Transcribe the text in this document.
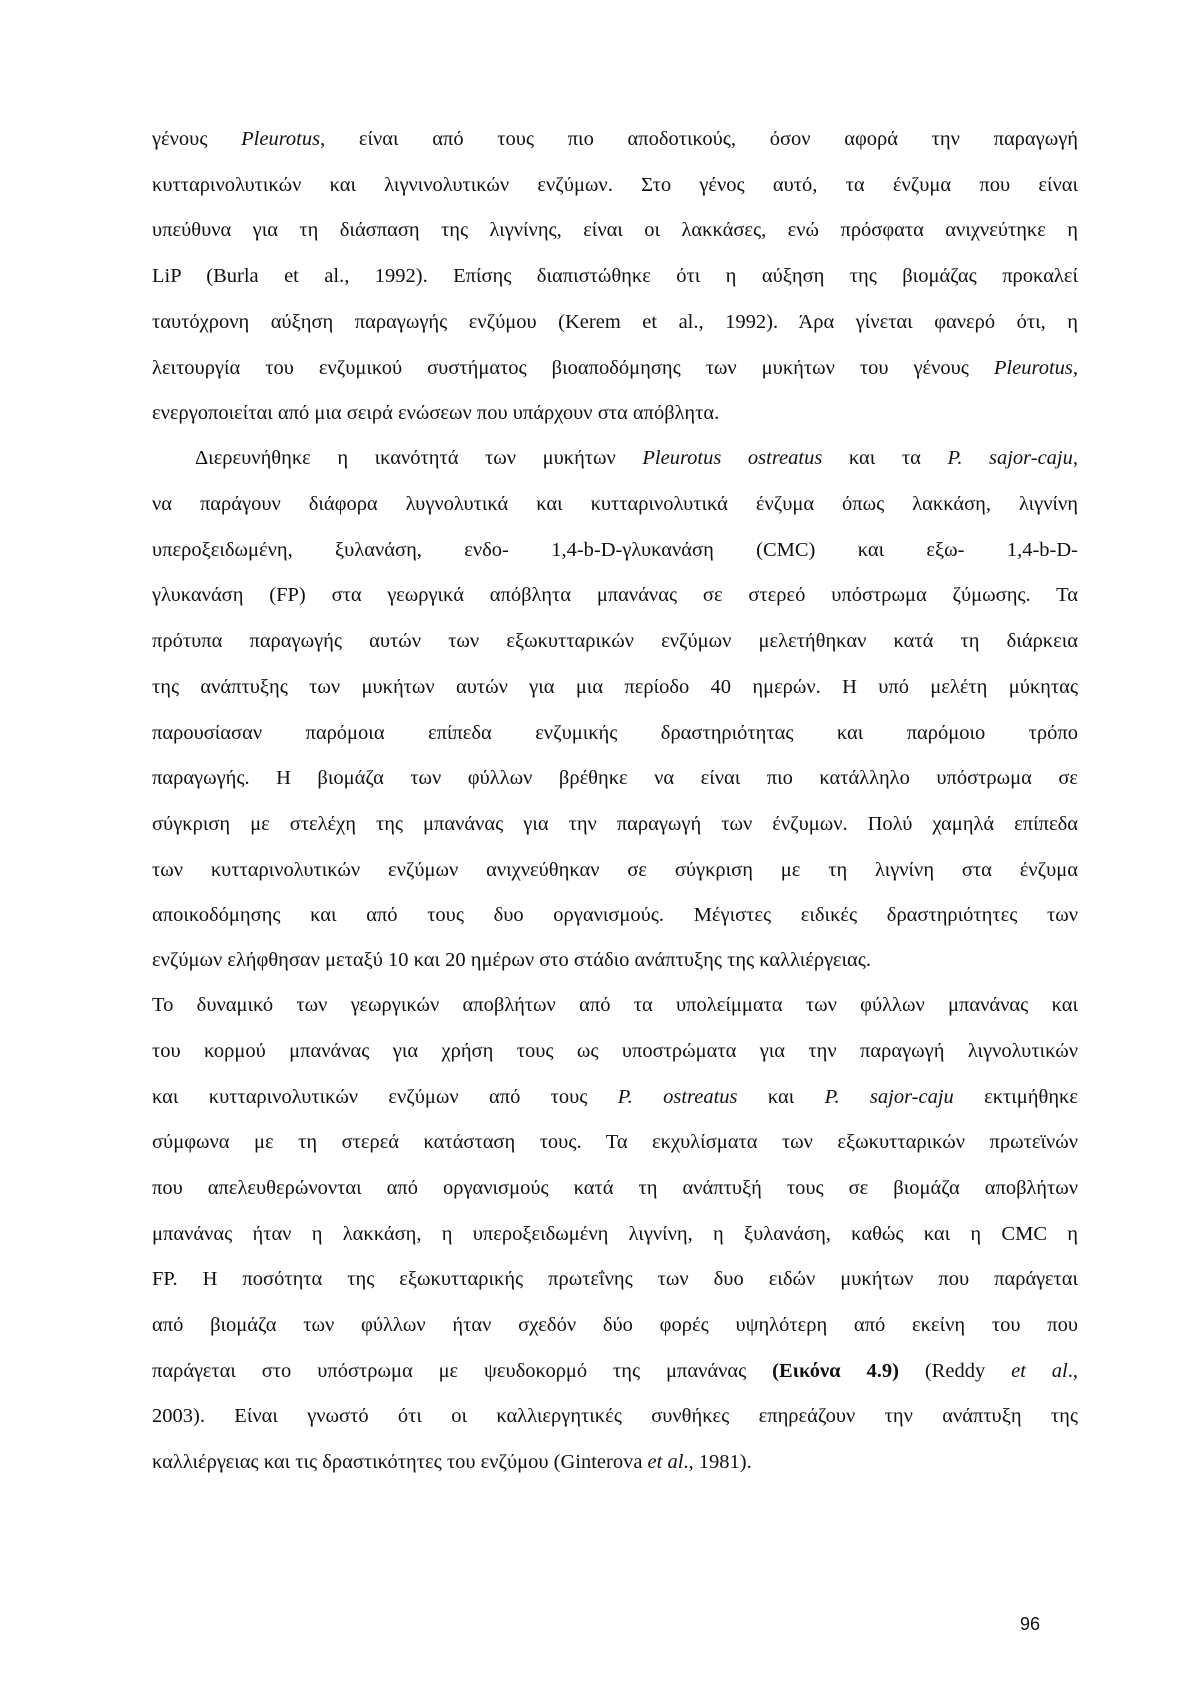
γένους Pleurotus, είναι από τους πιο αποδοτικούς, όσον αφορά την παραγωγή
κυτταρινολυτικών και λιγνινολυτικών ενζύμων. Στο γένος αυτό, τα ένζυμα που είναι
υπεύθυνα για τη διάσπαση της λιγνίνης, είναι οι λακκάσες, ενώ πρόσφατα ανιχνεύτηκε η
LiP (Burla et al., 1992). Επίσης διαπιστώθηκε ότι η αύξηση της βιομάζας προκαλεί
ταυτόχρονη αύξηση παραγωγής ενζύμου (Kerem et al., 1992). Άρα γίνεται φανερό ότι, η
λειτουργία του ενζυμικού συστήματος βιοαποδόμησης των μυκήτων του γένους Pleurotus,
ενεργοποιείται από μια σειρά ενώσεων που υπάρχουν στα απόβλητα.
Διερευνήθηκε η ικανότητά των μυκήτων Pleurotus ostreatus και τα P. sajor-caju,
να παράγουν διάφορα λυγνολυτικά και κυτταρινολυτικά ένζυμα όπως λακκάση, λιγνίνη
υπεροξειδωμένη, ξυλανάση, ενδο- 1,4-b-D-γλυκανάση (CMC) και εξω- 1,4-b-D-
γλυκανάση (FP) στα γεωργικά απόβλητα μπανάνας σε στερεό υπόστρωμα ζύμωσης. Τα
πρότυπα παραγωγής αυτών των εξωκυτταρικών ενζύμων μελετήθηκαν κατά τη διάρκεια
της ανάπτυξης των μυκήτων αυτών για μια περίοδο 40 ημερών. Η υπό μελέτη μύκητας
παρουσίασαν παρόμοια επίπεδα ενζυμικής δραστηριότητας και παρόμοιο τρόπο
παραγωγής. Η βιομάζα των φύλλων βρέθηκε να είναι πιο κατάλληλο υπόστρωμα σε
σύγκριση με στελέχη της μπανάνας για την παραγωγή των ένζυμων. Πολύ χαμηλά επίπεδα
των κυτταρινολυτικών ενζύμων ανιχνεύθηκαν σε σύγκριση με τη λιγνίνη στα ένζυμα
αποικοδόμησης και από τους δυο οργανισμούς. Μέγιστες ειδικές δραστηριότητες των
ενζύμων ελήφθησαν μεταξύ 10 και 20 ημέρων στο στάδιο ανάπτυξης της καλλιέργειας.
Το δυναμικό των γεωργικών αποβλήτων από τα υπολείμματα των φύλλων μπανάνας και
του κορμού μπανάνας για χρήση τους ως υποστρώματα για την παραγωγή λιγνολυτικών
και κυτταρινολυτικών ενζύμων από τους P. ostreatus και P. sajor-caju εκτιμήθηκε
σύμφωνα με τη στερεά κατάσταση τους. Τα εκχυλίσματα των εξωκυτταρικών πρωτεϊνών
που απελευθερώνονται από οργανισμούς κατά τη ανάπτυξή τους σε βιομάζα αποβλήτων
μπανάνας ήταν η λακκάση, η υπεροξειδωμένη λιγνίνη, η ξυλανάση, καθώς και η CMC η
FP. Η ποσότητα της εξωκυτταρικής πρωτεΐνης των δυο ειδών μυκήτων που παράγεται
από βιομάζα των φύλλων ήταν σχεδόν δύο φορές υψηλότερη από εκείνη του που
παράγεται στο υπόστρωμα με ψευδοκορμό της μπανάνας (Εικόνα 4.9) (Reddy et al.,
2003). Είναι γνωστό ότι οι καλλιεργητικές συνθήκες επηρεάζουν την ανάπτυξη της
καλλιέργειας και τις δραστικότητες του ενζύμου (Ginterova et al., 1981).
96
